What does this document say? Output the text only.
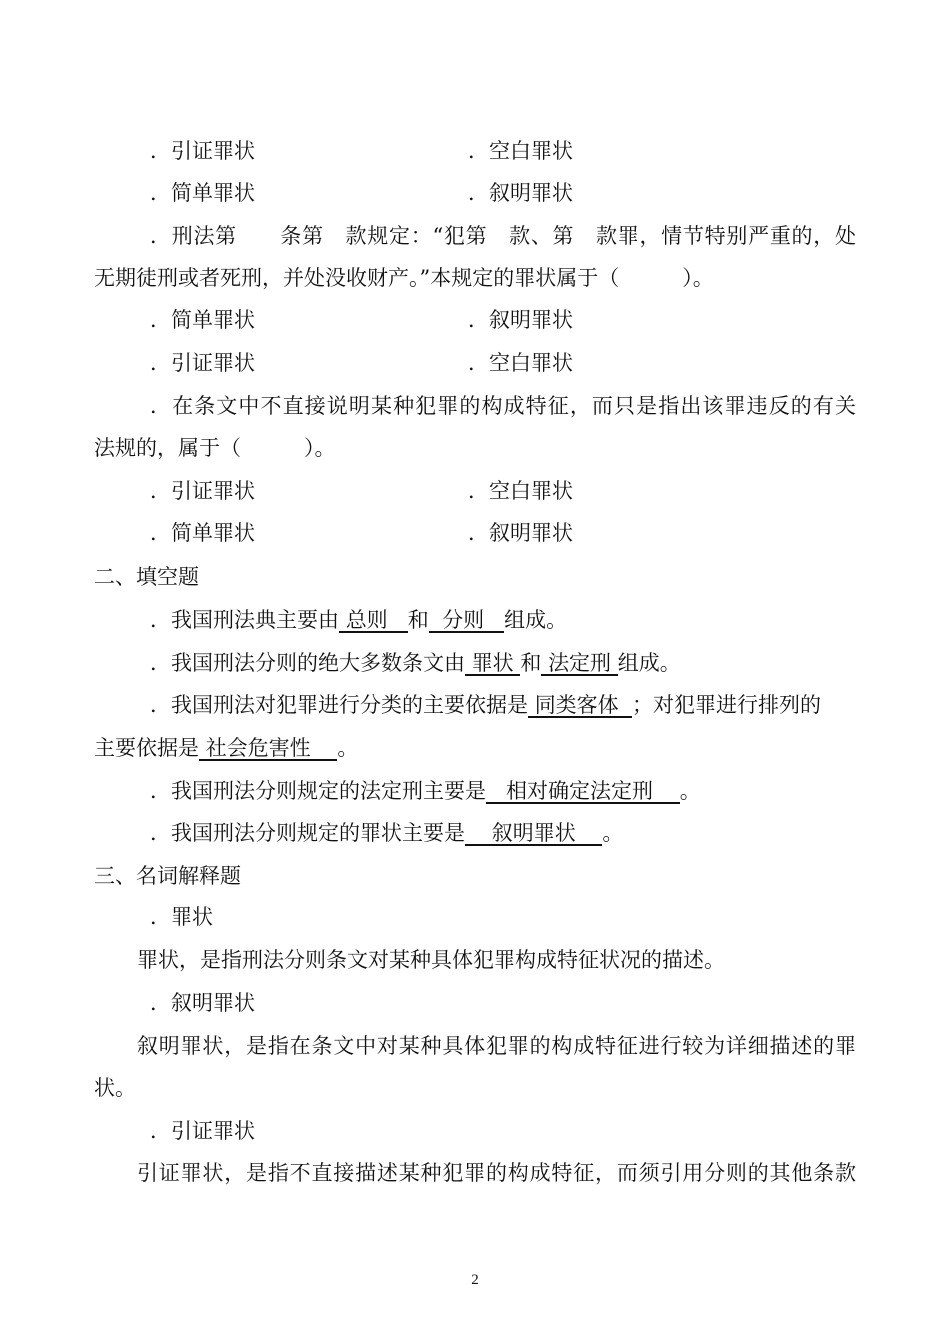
．引证罪状	．空白罪状
．简单罪状	．叙明罪状
．刑法第　　条第　款规定：“犯第　款、第　款罪，情节特别严重的，处
无期徒刑或者死刑，并处没收财产。”本规定的罪状属于（　　　）。
．简单罪状	．叙明罪状
．引证罪状	．空白罪状
．在条文中不直接说明某种犯罪的构成特征，而只是指出该罪违反的有关
法规的，属于（　　　）。
．引证罪状	．空白罪状
．简单罪状	．叙明罪状
二、填空题
．我国刑法典主要由 总则 和 分则 组成。
．我国刑法分则的绝大多数条文由 罪状 和 法定刑 组成。
．我国刑法对犯罪进行分类的主要依据是 同类客体 ；对犯罪进行排列的
主要依据是 社会危害性 。
．我国刑法分则规定的法定刑主要是 相对确定法定刑 。
．我国刑法分则规定的罪状主要是 叙明罪状 。
三、名词解释题
．罪状
罪状，是指刑法分则条文对某种具体犯罪构成特征状况的描述。
．叙明罪状
叙明罪状，是指在条文中对某种具体犯罪的构成特征进行较为详细描述的罪
状。
．引证罪状
引证罪状，是指不直接描述某种犯罪的构成特征，而须引用分则的其他条款
2
